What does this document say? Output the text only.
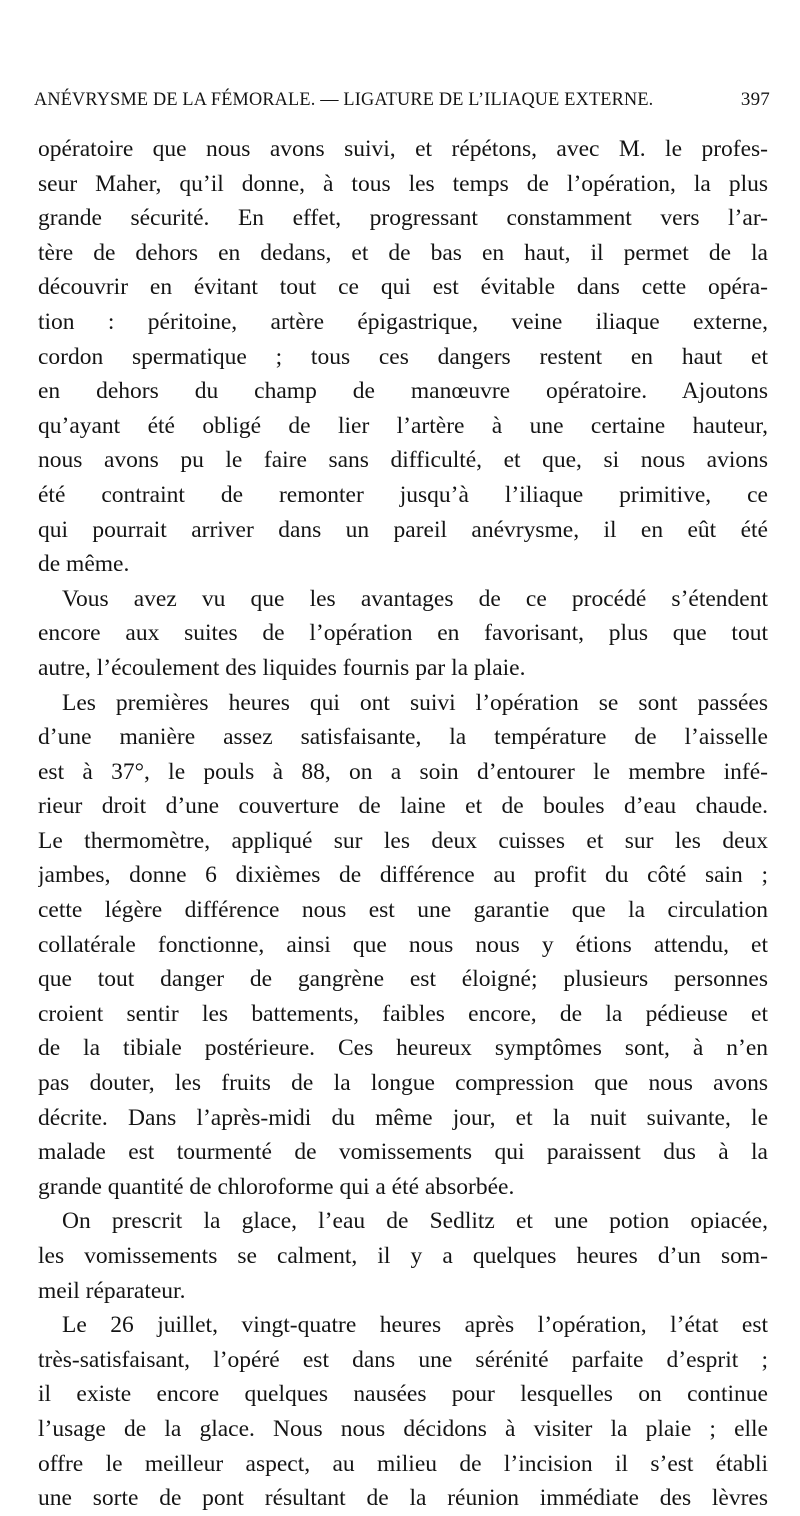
ANÉVRYSME DE LA FÉMORALE. — LIGATURE DE L’ILIAQUE EXTERNE.	397
opératoire que nous avons suivi, et répétons, avec M. le profes-
seur Maher, qu’il donne, à tous les temps de l’opération, la plus
grande sécurité. En effet, progressant constamment vers l’ar-
tère de dehors en dedans, et de bas en haut, il permet de la
découvrir en évitant tout ce qui est évitable dans cette opéra-
tion : péritoine, artère épigastrique, veine iliaque externe,
cordon spermatique ; tous ces dangers restent en haut et
en dehors du champ de manœuvre opératoire. Ajoutons
qu’ayant été obligé de lier l’artère à une certaine hauteur,
nous avons pu le faire sans difficulté, et que, si nous avions
été contraint de remonter jusqu’à l’iliaque primitive, ce
qui pourrait arriver dans un pareil anévrysme, il en eût été
de même.
Vous avez vu que les avantages de ce procédé s’étendent
encore aux suites de l’opération en favorisant, plus que tout
autre, l’écoulement des liquides fournis par la plaie.
Les premières heures qui ont suivi l’opération se sont passées
d’une manière assez satisfaisante, la température de l’aisselle
est à 37°, le pouls à 88, on a soin d’entourer le membre infé-
rieur droit d’une couverture de laine et de boules d’eau chaude.
Le thermomètre, appliqué sur les deux cuisses et sur les deux
jambes, donne 6 dixièmes de différence au profit du côté sain ;
cette légère différence nous est une garantie que la circulation
collatérale fonctionne, ainsi que nous nous y étions attendu, et
que tout danger de gangrène est éloigné; plusieurs personnes
croient sentir les battements, faibles encore, de la pédieuse et
de la tibiale postérieure. Ces heureux symptômes sont, à n’en
pas douter, les fruits de la longue compression que nous avons
décrite. Dans l’après-midi du même jour, et la nuit suivante, le
malade est tourmenté de vomissements qui paraissent dus à la
grande quantité de chloroforme qui a été absorbée.
On prescrit la glace, l’eau de Sedlitz et une potion opiacée,
les vomissements se calment, il y a quelques heures d’un som-
meil réparateur.
Le 26 juillet, vingt-quatre heures après l’opération, l’état est
très-satisfaisant, l’opéré est dans une sérénité parfaite d’esprit ;
il existe encore quelques nausées pour lesquelles on continue
l’usage de la glace. Nous nous décidons à visiter la plaie ; elle
offre le meilleur aspect, au milieu de l’incision il s’est établi
une sorte de pont résultant de la réunion immédiate des lèvres
